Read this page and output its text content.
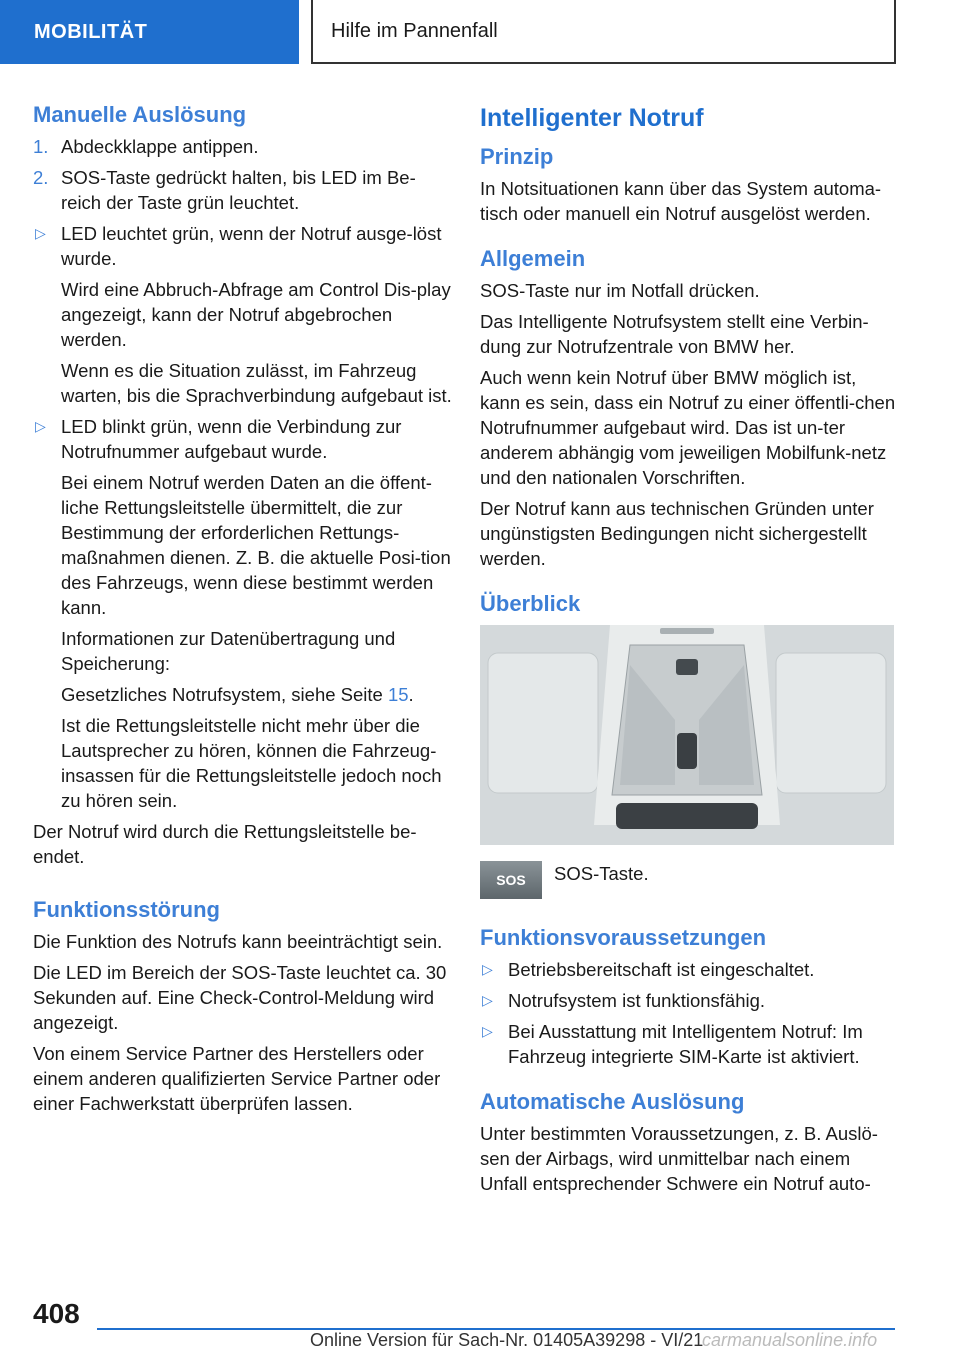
MOBILITÄT	Hilfe im Pannenfall
Manuelle Auslösung
1. Abdeckklappe antippen.
2. SOS-Taste gedrückt halten, bis LED im Be-reich der Taste grün leuchtet.
▷ LED leuchtet grün, wenn der Notruf ausge-löst wurde.
Wird eine Abbruch-Abfrage am Control Dis-play angezeigt, kann der Notruf abgebrochen werden.
Wenn es die Situation zulässt, im Fahrzeug warten, bis die Sprachverbindung aufgebaut ist.
▷ LED blinkt grün, wenn die Verbindung zur Notrufnummer aufgebaut wurde.
Bei einem Notruf werden Daten an die öffent-liche Rettungsleitstelle übermittelt, die zur Bestimmung der erforderlichen Rettungs-maßnahmen dienen. Z. B. die aktuelle Posi-tion des Fahrzeugs, wenn diese bestimmt werden kann.
Informationen zur Datenübertragung und Speicherung:
Gesetzliches Notrufsystem, siehe Seite 15.
Ist die Rettungsleitstelle nicht mehr über die Lautsprecher zu hören, können die Fahrzeug-insassen für die Rettungsleitstelle jedoch noch zu hören sein.
Der Notruf wird durch die Rettungsleitstelle be-endet.
Funktionsstörung
Die Funktion des Notrufs kann beeinträchtigt sein.
Die LED im Bereich der SOS-Taste leuchtet ca. 30 Sekunden auf. Eine Check-Control-Meldung wird angezeigt.
Von einem Service Partner des Herstellers oder einem anderen qualifizierten Service Partner oder einer Fachwerkstatt überprüfen lassen.
Intelligenter Notruf
Prinzip
In Notsituationen kann über das System automa-tisch oder manuell ein Notruf ausgelöst werden.
Allgemein
SOS-Taste nur im Notfall drücken.
Das Intelligente Notrufsystem stellt eine Verbin-dung zur Notrufzentrale von BMW her.
Auch wenn kein Notruf über BMW möglich ist, kann es sein, dass ein Notruf zu einer öffentli-chen Notrufnummer aufgebaut wird. Das ist un-ter anderem abhängig vom jeweiligen Mobilfunk-netz und den nationalen Vorschriften.
Der Notruf kann aus technischen Gründen unter ungünstigsten Bedingungen nicht sichergestellt werden.
Überblick
SOS SOS-Taste.
Funktionsvoraussetzungen
▷ Betriebsbereitschaft ist eingeschaltet.
▷ Notrufsystem ist funktionsfähig.
▷ Bei Ausstattung mit Intelligentem Notruf: Im Fahrzeug integrierte SIM-Karte ist aktiviert.
Automatische Auslösung
Unter bestimmten Voraussetzungen, z. B. Auslö-sen der Airbags, wird unmittelbar nach einem Unfall entsprechender Schwere ein Notruf auto-
408
Online Version für Sach-Nr. 01405A39298 - VI/21
carmanualsonline.info
